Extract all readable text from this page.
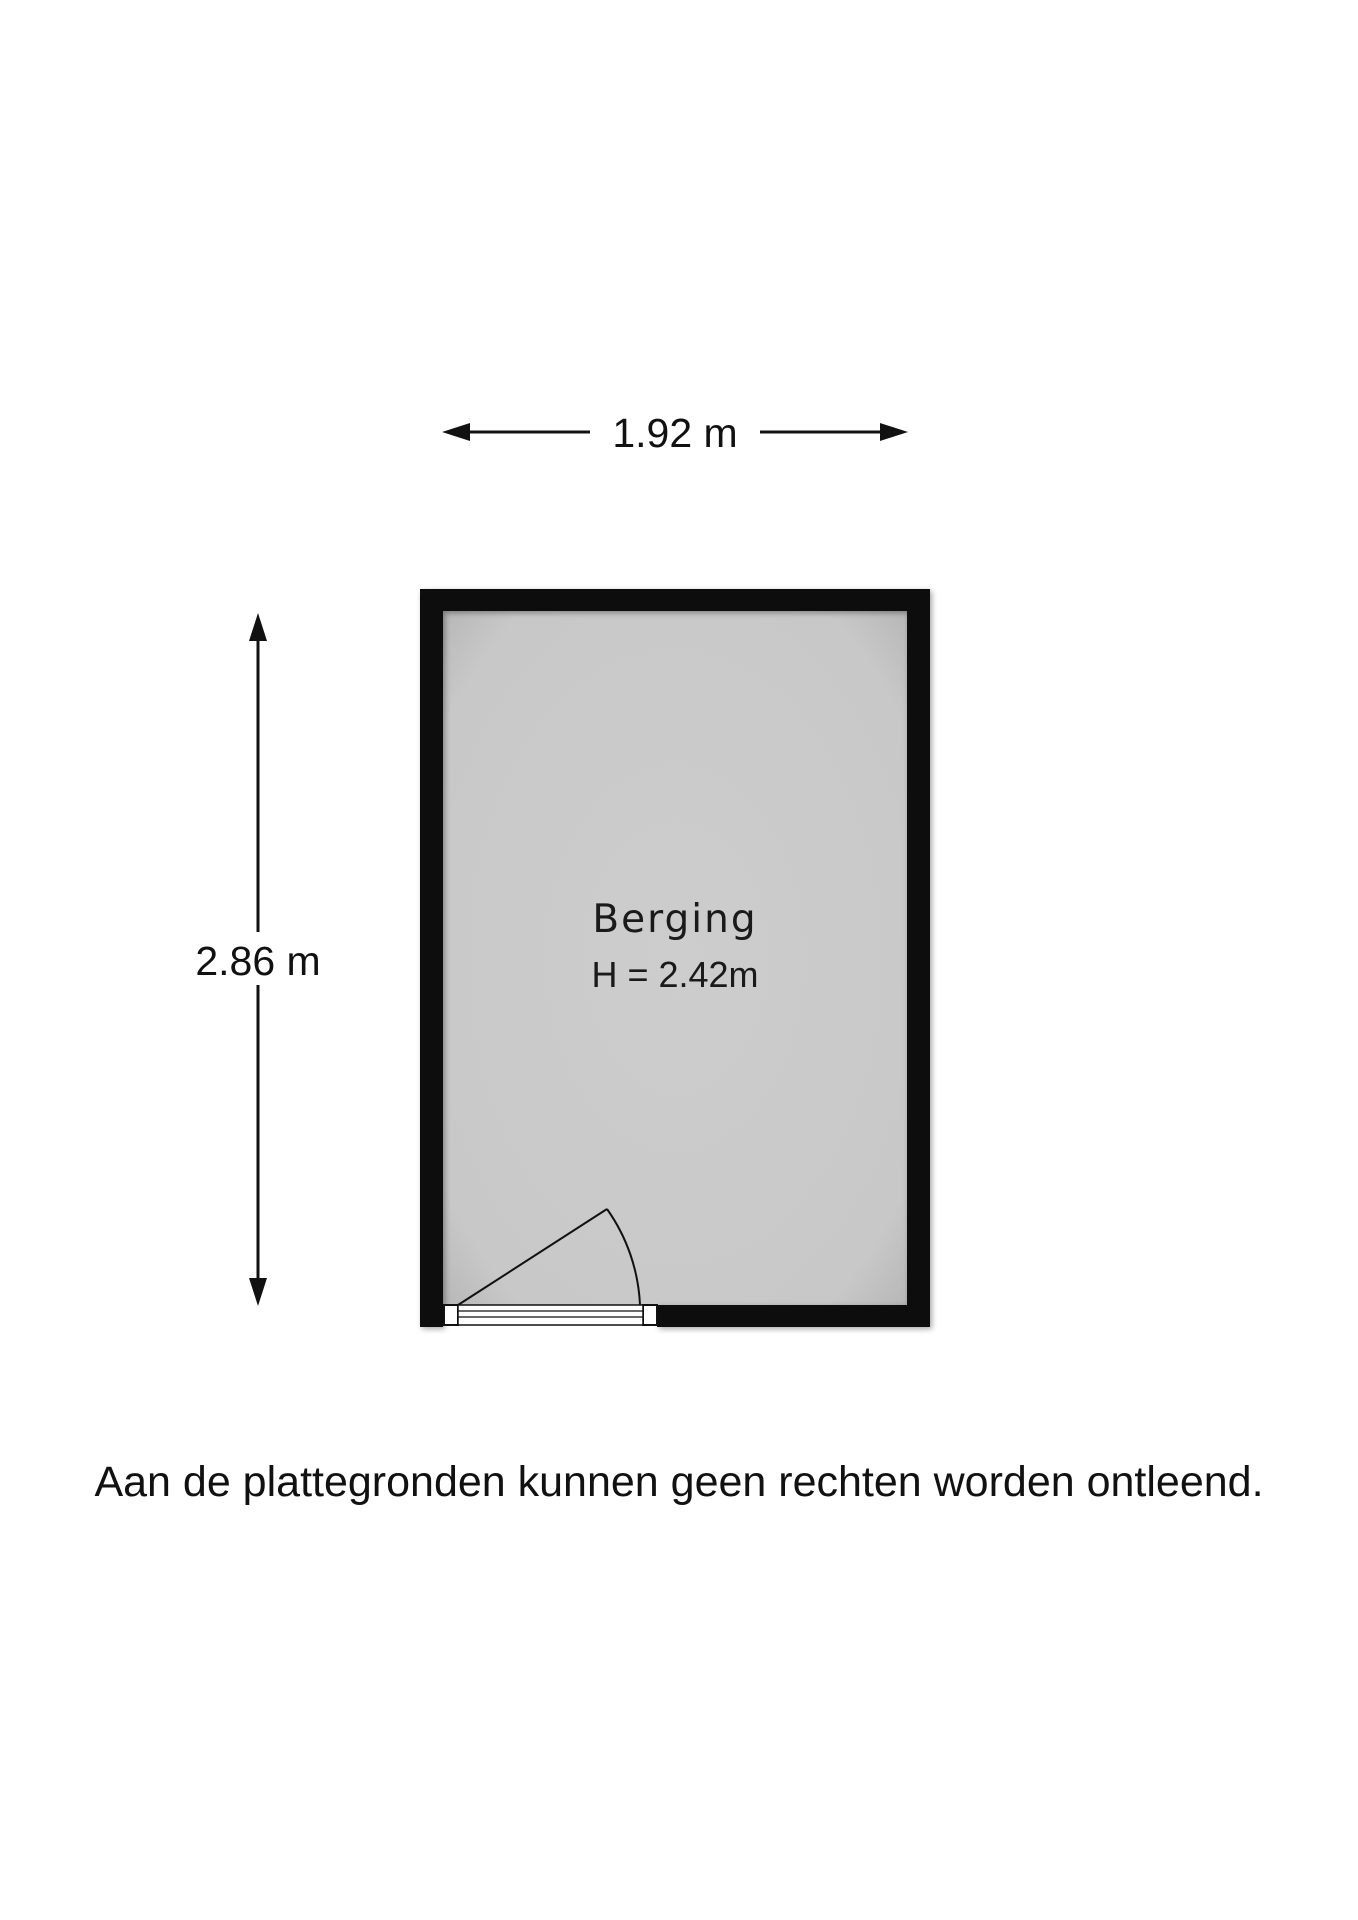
1.92 m
2.86 m
Berging
H = 2.42m
Aan de plattegronden kunnen geen rechten worden ontleend.
